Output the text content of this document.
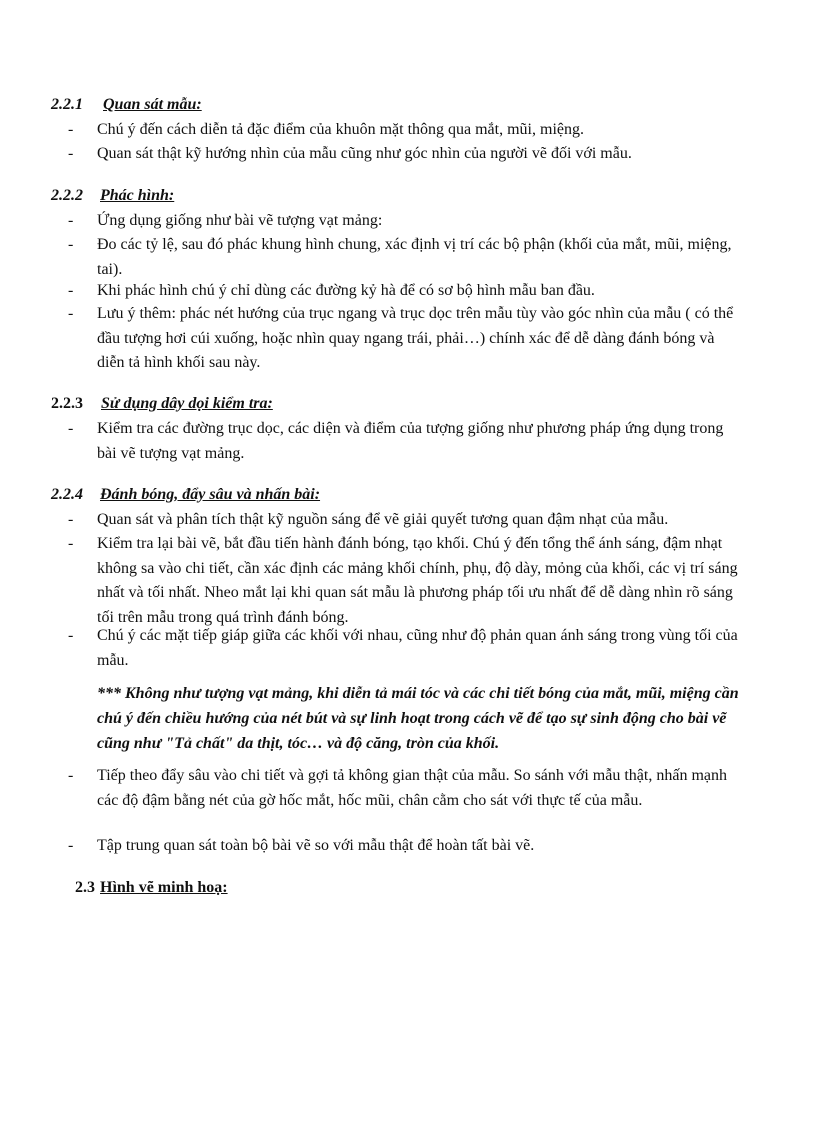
2.2.1 Quan sát mẫu:
- Chú ý đến cách diễn tả đặc điểm của khuôn mặt thông qua mắt, mũi, miệng.
- Quan sát thật kỹ hướng nhìn của mẫu cũng như góc nhìn của người vẽ đối với mẫu.
2.2.2 Phác hình:
- Ứng dụng giống như bài vẽ tượng vạt mảng:
- Đo các tỷ lệ, sau đó phác khung hình chung, xác định vị trí các bộ phận (khối của mắt, mũi, miệng, tai).
- Khi phác hình chú ý chỉ dùng các đường kỷ hà để có sơ bộ hình mẫu ban đầu.
- Lưu ý thêm: phác nét hướng của trục ngang và trục dọc trên mẫu tùy vào góc nhìn của mẫu ( có thể đầu tượng hơi cúi xuống, hoặc nhìn quay ngang trái, phải…) chính xác để dễ dàng đánh bóng và diễn tả hình khối sau này.
2.2.3 Sử dụng dây dọi kiểm tra:
- Kiểm tra các đường trục dọc, các diện và điểm của tượng giống như phương pháp ứng dụng trong bài vẽ tượng vạt mảng.
2.2.4 Đánh bóng, đẩy sâu và nhấn bài:
- Quan sát và phân tích thật kỹ nguồn sáng để vẽ giải quyết tương quan đậm nhạt của mẫu.
- Kiểm tra lại bài vẽ, bắt đầu tiến hành đánh bóng, tạo khối. Chú ý đến tổng thể ánh sáng, đậm nhạt không sa vào chi tiết, cần xác định các mảng khối chính, phụ, độ dày, mỏng của khối, các vị trí sáng nhất và tối nhất. Nheo mắt lại khi quan sát mẫu là phương pháp tối ưu nhất để dễ dàng nhìn rõ sáng tối trên mẫu trong quá trình đánh bóng.
- Chú ý các mặt tiếp giáp giữa các khối với nhau, cũng như độ phản quan ánh sáng trong vùng tối của mẫu.
*** Không như tượng vạt mảng, khi diễn tả mái tóc và các chi tiết bóng của mắt, mũi, miệng cần chú ý đến chiều hướng của nét bút và sự linh hoạt trong cách vẽ để tạo sự sinh động cho bài vẽ cũng như "Tả chất" da thịt, tóc… và độ căng, tròn của khối.
- Tiếp theo đẩy sâu vào chi tiết và gợi tả không gian thật của mẫu. So sánh với mẫu thật, nhấn mạnh các độ đậm bằng nét của gờ hốc mắt, hốc mũi, chân cằm cho sát với thực tế của mẫu.
- Tập trung quan sát toàn bộ bài vẽ so với mẫu thật để hoàn tất bài vẽ.
2.3 Hình vẽ minh hoạ:
